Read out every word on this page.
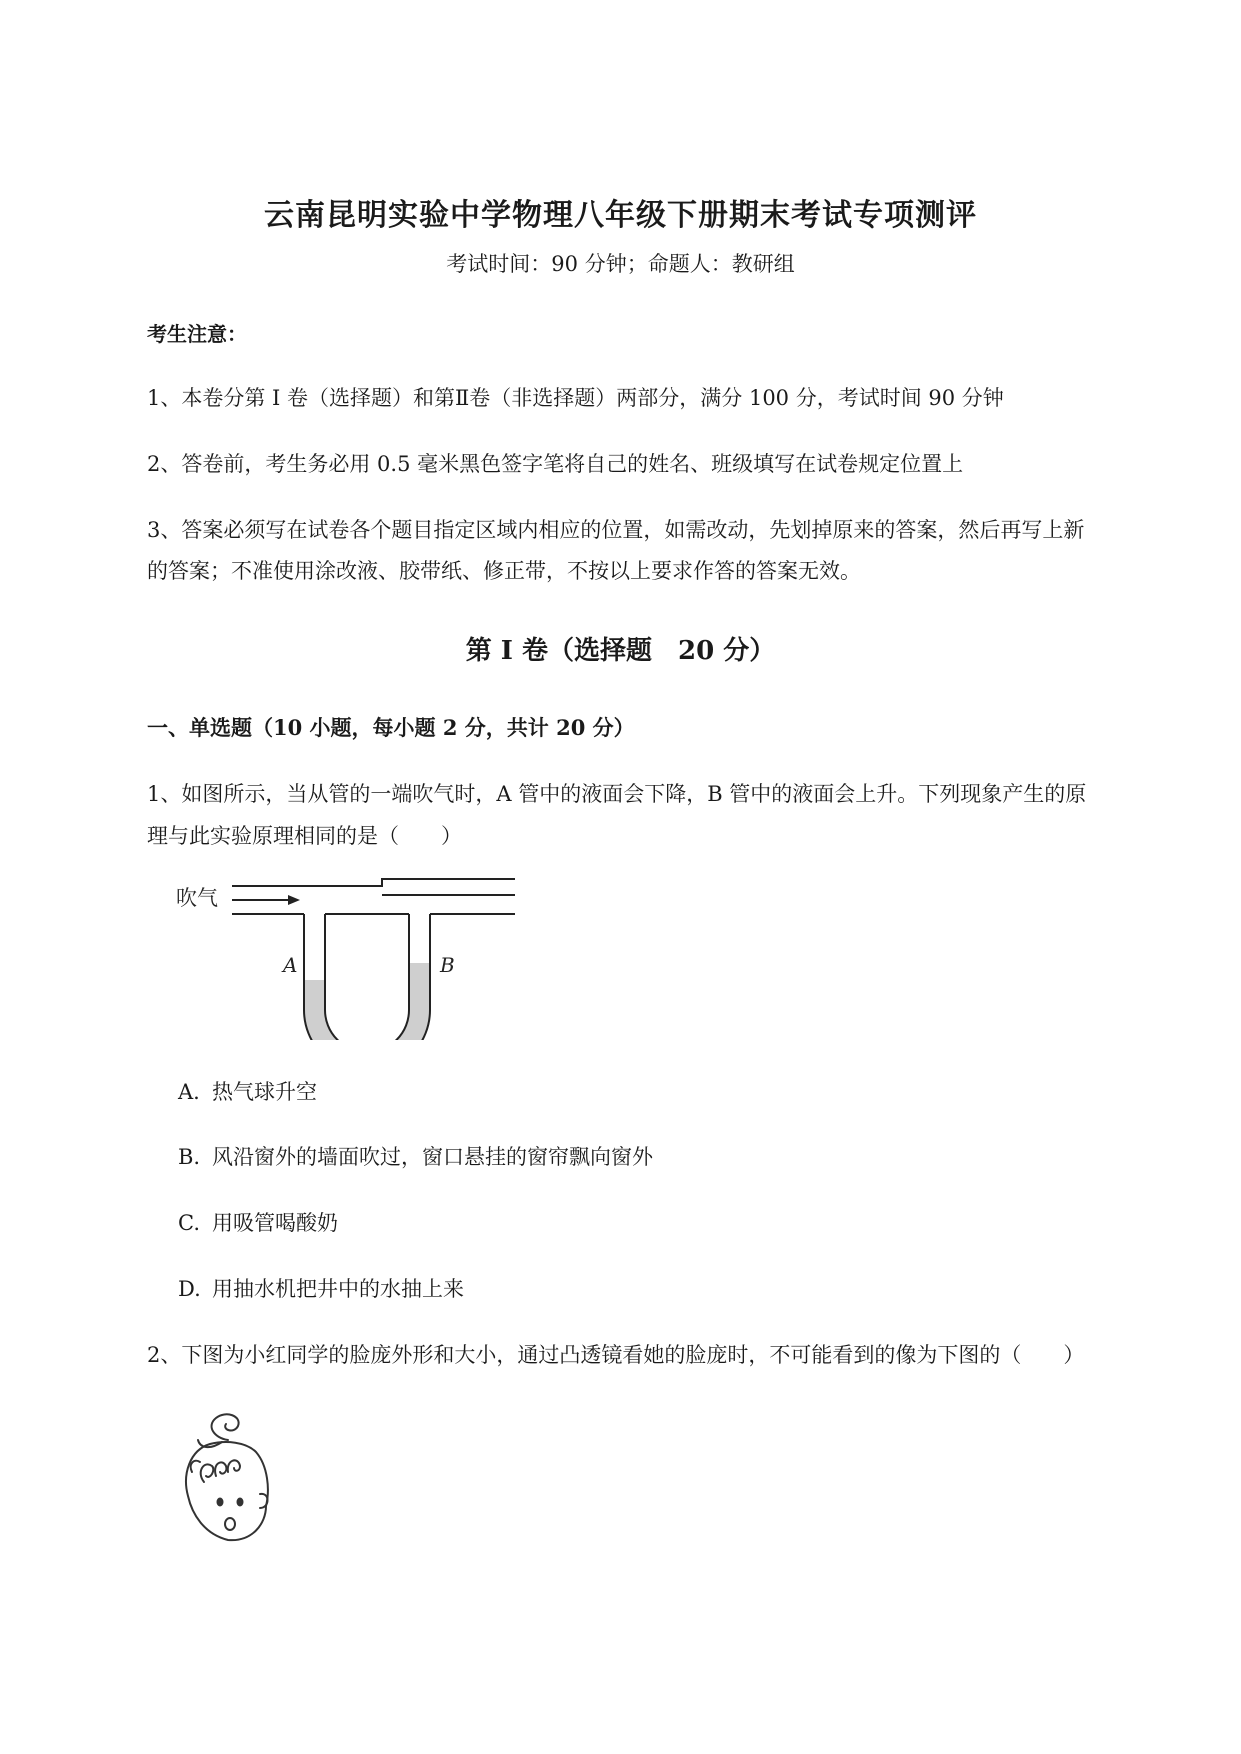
云南昆明实验中学物理八年级下册期末考试专项测评
考试时间：90 分钟；命题人：教研组
考生注意：
1、本卷分第 I 卷（选择题）和第Ⅱ卷（非选择题）两部分，满分 100 分，考试时间 90 分钟
2、答卷前，考生务必用 0.5 毫米黑色签字笔将自己的姓名、班级填写在试卷规定位置上
3、答案必须写在试卷各个题目指定区域内相应的位置，如需改动，先划掉原来的答案，然后再写上新
的答案；不准使用涂改液、胶带纸、修正带，不按以上要求作答的答案无效。
第 I 卷（选择题　20 分）
一、单选题（10 小题，每小题 2 分，共计 20 分）
1、如图所示，当从管的一端吹气时，A 管中的液面会下降，B 管中的液面会上升。下列现象产生的原
理与此实验原理相同的是（　　）
吹气
A	B
A. 热气球升空
B. 风沿窗外的墙面吹过，窗口悬挂的窗帘飘向窗外
C. 用吸管喝酸奶
D. 用抽水机把井中的水抽上来
2、下图为小红同学的脸庞外形和大小，通过凸透镜看她的脸庞时，不可能看到的像为下图的（　　）
